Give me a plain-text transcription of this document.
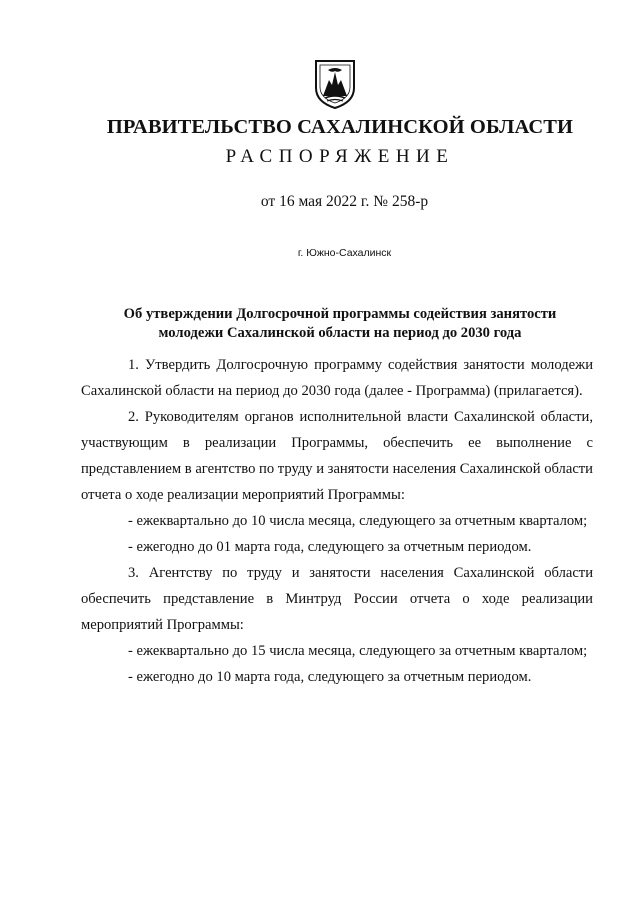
ПРАВИТЕЛЬСТВО САХАЛИНСКОЙ ОБЛАСТИ
РАСПОРЯЖЕНИЕ
от 16 мая 2022 г. № 258-р
г. Южно-Сахалинск
Об утверждении Долгосрочной программы содействия занятости
молодежи Сахалинской области на период до 2030 года

1. Утвердить Долгосрочную программу содействия занятости молодежи Сахалинской области на период до 2030 года (далее - Программа) (прилагается).

2. Руководителям органов исполнительной власти Сахалинской области, участвующим в реализации Программы, обеспечить ее выполнение с представлением в агентство по труду и занятости населения Сахалинской области отчета о ходе реализации мероприятий Программы:

- ежеквартально до 10 числа месяца, следующего за отчетным кварталом;

- ежегодно до 01 марта года, следующего за отчетным периодом.

3. Агентству по труду и занятости населения Сахалинской области обеспечить представление в Минтруд России отчета о ходе реализации мероприятий Программы:

- ежеквартально до 15 числа месяца, следующего за отчетным кварталом;

- ежегодно до 10 марта года, следующего за отчетным периодом.
